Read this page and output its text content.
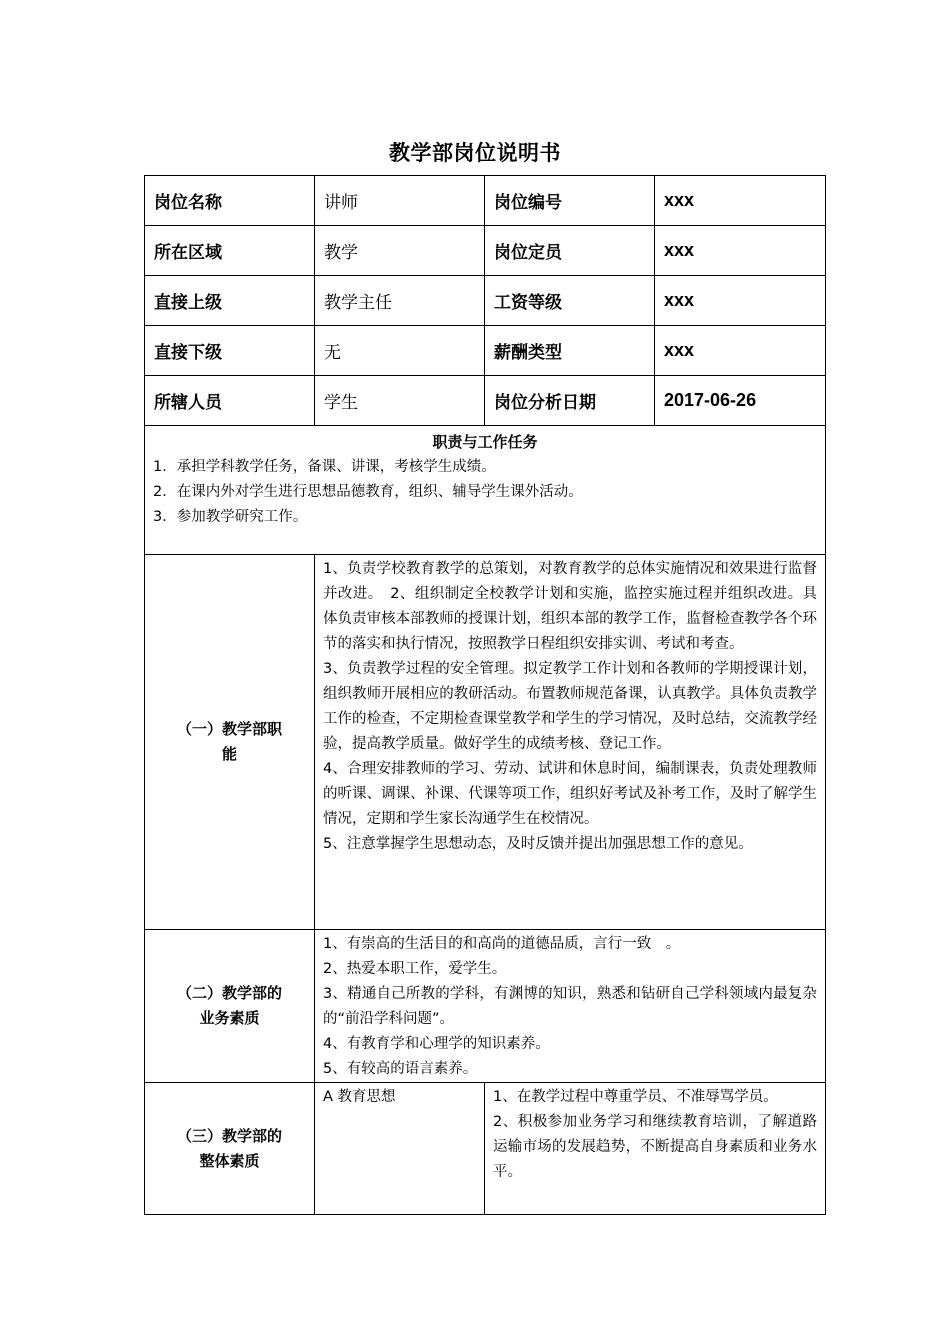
教学部岗位说明书
岗位名称	讲师	岗位编号	xxx
所在区域	教学	岗位定员	xxx
直接上级	教学主任	工资等级	xxx
直接下级	无	薪酬类型	xxx
所辖人员	学生	岗位分析日期	2017-06-26

职责与工作任务
1．承担学科教学任务，备课、讲课，考核学生成绩。
2．在课内外对学生进行思想品德教育，组织、辅导学生课外活动。
3．参加教学研究工作。			

（一）教学部职能	1、负责学校教育教学的总策划，对教育教学的总体实施情况和效果进行监督并改进。　2、组织制定全校教学计划和实施，监控实施过程并组织改进。具体负责审核本部教师的授课计划，组织本部的教学工作，监督检查教学各个环节的落实和执行情况，按照教学日程组织安排实训、考试和考查。

3、负责教学过程的安全管理。拟定教学工作计划和各教师的学期授课计划，组织教师开展相应的教研活动。布置教师规范备课，认真教学。具体负责教学工作的检查，不定期检查课堂教学和学生的学习情况，及时总结，交流教学经验，提高教学质量。做好学生的成绩考核、登记工作。

4、合理安排教师的学习、劳动、试讲和休息时间，编制课表，负责处理教师的听课、调课、补课、代课等项工作，组织好考试及补考工作，及时了解学生情况，定期和学生家长沟通学生在校情况。

5、注意掌握学生思想动态，及时反馈并提出加强思想工作的意见。		

（二）教学部的业务素质	1、有崇高的生活目的和高尚的道德品质，言行一致　。

2、热爱本职工作，爱学生。

3、精通自己所教的学科，有渊博的知识，熟悉和钻研自己学科领域内最复杂的“前沿学科问题”。

4、有教育学和心理学的知识素养。

5、有较高的语言素养。		

（三）教学部的整体素质	A 教育思想	1、在教学过程中尊重学员、不准辱骂学员。

2、积极参加业务学习和继续教育培训，了解道路运输市场的发展趋势，不断提高自身素质和业务水平。	
